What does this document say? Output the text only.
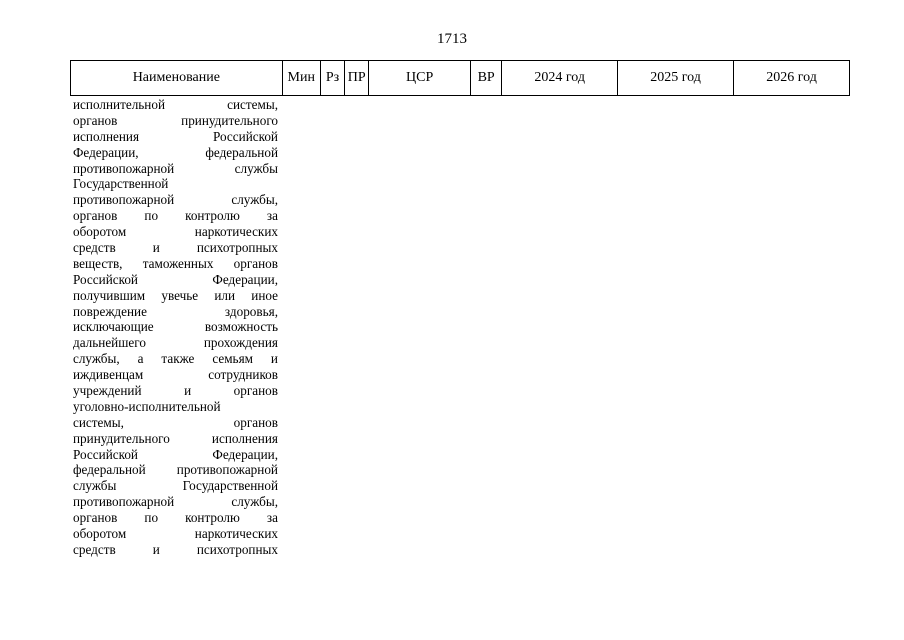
1713
Наименование	Мин	Рз	ПР	ЦСР	ВР	2024 год	2025 год	2026 год
исполнительной системы,
органов принудительного
исполнения Российской
Федерации, федеральной
противопожарной службы
Государственной
противопожарной службы,
органов по контролю за
оборотом наркотических
средств и психотропных
веществ, таможенных органов
Российской Федерации,
получившим увечье или иное
повреждение здоровья,
исключающие возможность
дальнейшего прохождения
службы, а также семьям и
иждивенцам сотрудников
учреждений и органов
уголовно-исполнительной
системы, органов
принудительного исполнения
Российской Федерации,
федеральной противопожарной
службы Государственной
противопожарной службы,
органов по контролю за
оборотом наркотических
средств и психотропных
